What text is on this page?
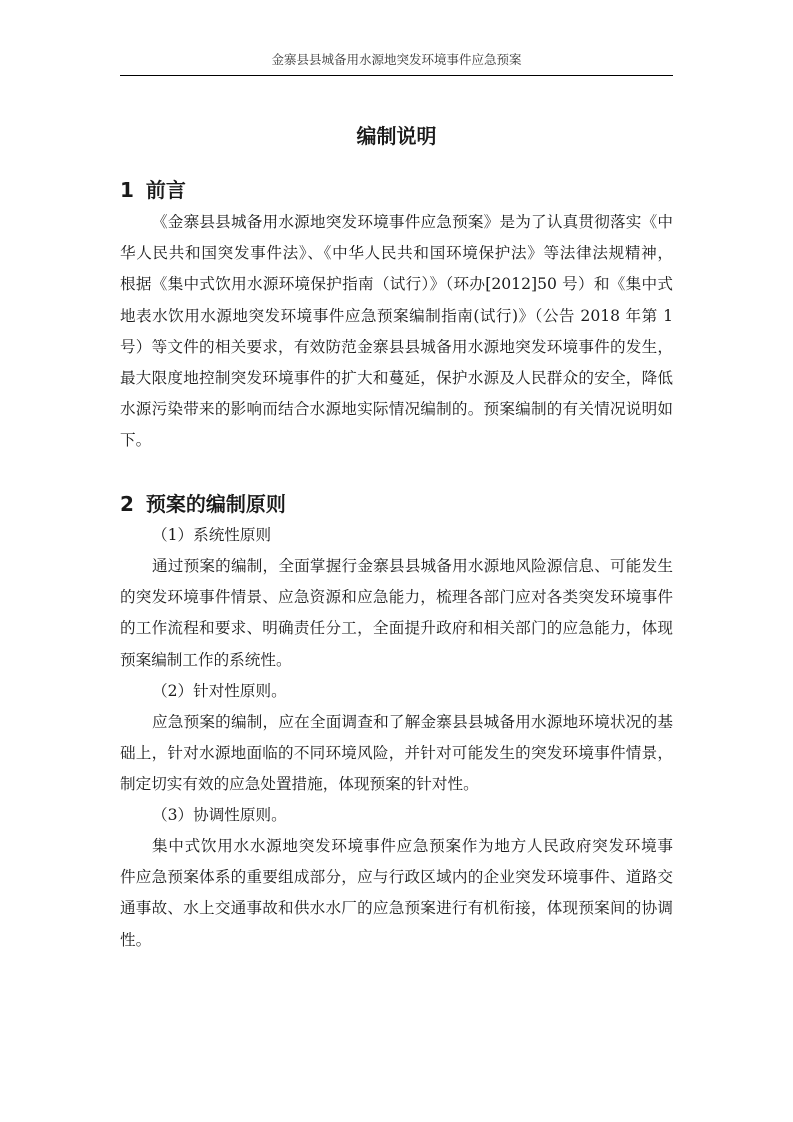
金寨县县城备用水源地突发环境事件应急预案
编制说明
1 前言
《金寨县县城备用水源地突发环境事件应急预案》是为了认真贯彻落实《中
华人民共和国突发事件法》、《中华人民共和国环境保护法》等法律法规精神，
根据《集中式饮用水源环境保护指南（试行）》（环办[2012]50 号）和《集中式
地表水饮用水源地突发环境事件应急预案编制指南(试行)》（公告 2018 年第 1
号）等文件的相关要求，有效防范金寨县县城备用水源地突发环境事件的发生，
最大限度地控制突发环境事件的扩大和蔓延，保护水源及人民群众的安全，降低
水源污染带来的影响而结合水源地实际情况编制的。预案编制的有关情况说明如
下。
2 预案的编制原则
（1）系统性原则
通过预案的编制，全面掌握行金寨县县城备用水源地风险源信息、可能发生
的突发环境事件情景、应急资源和应急能力，梳理各部门应对各类突发环境事件
的工作流程和要求、明确责任分工，全面提升政府和相关部门的应急能力，体现
预案编制工作的系统性。
（2）针对性原则。
应急预案的编制，应在全面调查和了解金寨县县城备用水源地环境状况的基
础上，针对水源地面临的不同环境风险，并针对可能发生的突发环境事件情景，
制定切实有效的应急处置措施，体现预案的针对性。
（3）协调性原则。
集中式饮用水水源地突发环境事件应急预案作为地方人民政府突发环境事
件应急预案体系的重要组成部分，应与行政区域内的企业突发环境事件、道路交
通事故、水上交通事故和供水水厂的应急预案进行有机衔接，体现预案间的协调
性。
